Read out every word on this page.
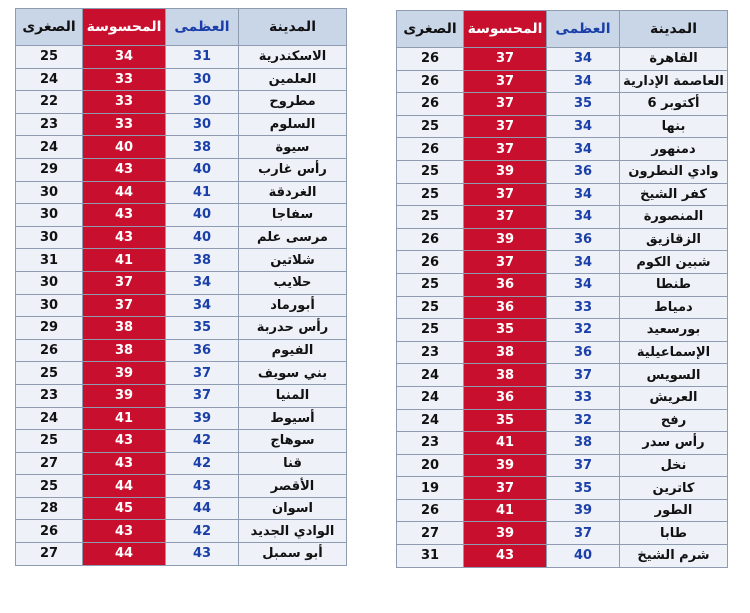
الصغرى	المحسوسة	العظمى	المدينة
25	34	31	الاسكندرية
24	33	30	العلمين
22	33	30	مطروح
23	33	30	السلوم
24	40	38	سيوة
29	43	40	رأس غارب
30	44	41	الغردقة
30	43	40	سفاجا
30	43	40	مرسى علم
31	41	38	شلاتين
30	37	34	حلايب
30	37	34	أبورماد
29	38	35	رأس حدربة
26	38	36	الفيوم
25	39	37	بني سويف
23	39	37	المنيا
24	41	39	أسيوط
25	43	42	سوهاج
27	43	42	قنا
25	44	43	الأقصر
28	45	44	اسوان
26	43	42	الوادي الجديد
27	44	43	أبو سمبل
الصغرى	المحسوسة	العظمى	المدينة
26	37	34	القاهرة
26	37	34	العاصمة الإدارية
26	37	35	6 أكتوبر
25	37	34	بنها
26	37	34	دمنهور
25	39	36	وادي النطرون
25	37	34	كفر الشيخ
25	37	34	المنصورة
26	39	36	الزقازيق
26	37	34	شبين الكوم
25	36	34	طنطا
25	36	33	دمياط
25	35	32	بورسعيد
23	38	36	الإسماعيلية
24	38	37	السويس
24	36	33	العريش
24	35	32	رفح
23	41	38	رأس سدر
20	39	37	نخل
19	37	35	كاترين
26	41	39	الطور
27	39	37	طابا
31	43	40	شرم الشيخ
